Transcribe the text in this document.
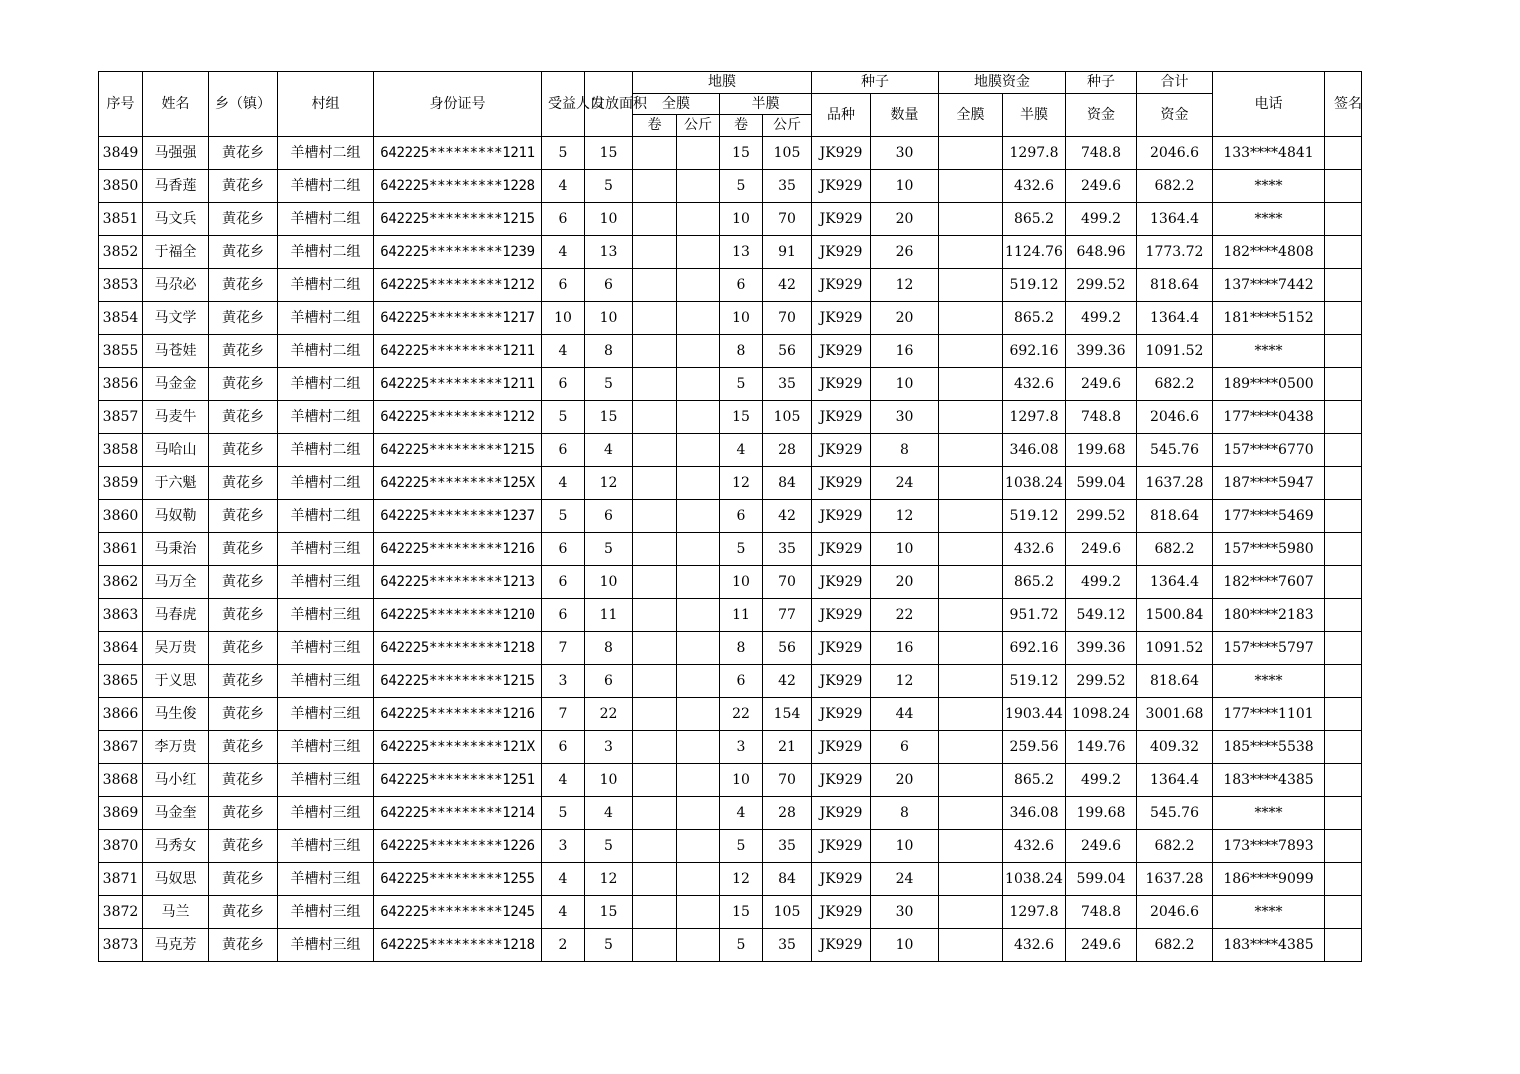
序号	姓名	乡（镇）	村组	身份证号	受益人口	发放面积	地膜				种子		地膜资金		种子	合计	电话	签名
							全膜		半膜		品种	数量	全膜	半膜	资金	资金		
							卷	公斤	卷	公斤								
3849	马强强	黄花乡	羊槽村二组	642225*********1211	5	15			15	105	JK929	30		1297.8	748.8	2046.6	133****4841	
3850	马香莲	黄花乡	羊槽村二组	642225*********1228	4	5			5	35	JK929	10		432.6	249.6	682.2	****	
3851	马文兵	黄花乡	羊槽村二组	642225*********1215	6	10			10	70	JK929	20		865.2	499.2	1364.4	****	
3852	于福全	黄花乡	羊槽村二组	642225*********1239	4	13			13	91	JK929	26		1124.76	648.96	1773.72	182****4808	
3853	马尕必	黄花乡	羊槽村二组	642225*********1212	6	6			6	42	JK929	12		519.12	299.52	818.64	137****7442	
3854	马文学	黄花乡	羊槽村二组	642225*********1217	10	10			10	70	JK929	20		865.2	499.2	1364.4	181****5152	
3855	马苍娃	黄花乡	羊槽村二组	642225*********1211	4	8			8	56	JK929	16		692.16	399.36	1091.52	****	
3856	马金金	黄花乡	羊槽村二组	642225*********1211	6	5			5	35	JK929	10		432.6	249.6	682.2	189****0500	
3857	马麦牛	黄花乡	羊槽村二组	642225*********1212	5	15			15	105	JK929	30		1297.8	748.8	2046.6	177****0438	
3858	马哈山	黄花乡	羊槽村二组	642225*********1215	6	4			4	28	JK929	8		346.08	199.68	545.76	157****6770	
3859	于六魁	黄花乡	羊槽村二组	642225*********125X	4	12			12	84	JK929	24		1038.24	599.04	1637.28	187****5947	
3860	马奴勒	黄花乡	羊槽村二组	642225*********1237	5	6			6	42	JK929	12		519.12	299.52	818.64	177****5469	
3861	马秉治	黄花乡	羊槽村三组	642225*********1216	6	5			5	35	JK929	10		432.6	249.6	682.2	157****5980	
3862	马万全	黄花乡	羊槽村三组	642225*********1213	6	10			10	70	JK929	20		865.2	499.2	1364.4	182****7607	
3863	马春虎	黄花乡	羊槽村三组	642225*********1210	6	11			11	77	JK929	22		951.72	549.12	1500.84	180****2183	
3864	吴万贵	黄花乡	羊槽村三组	642225*********1218	7	8			8	56	JK929	16		692.16	399.36	1091.52	157****5797	
3865	于义思	黄花乡	羊槽村三组	642225*********1215	3	6			6	42	JK929	12		519.12	299.52	818.64	****	
3866	马生俊	黄花乡	羊槽村三组	642225*********1216	7	22			22	154	JK929	44		1903.44	1098.24	3001.68	177****1101	
3867	李万贵	黄花乡	羊槽村三组	642225*********121X	6	3			3	21	JK929	6		259.56	149.76	409.32	185****5538	
3868	马小红	黄花乡	羊槽村三组	642225*********1251	4	10			10	70	JK929	20		865.2	499.2	1364.4	183****4385	
3869	马金奎	黄花乡	羊槽村三组	642225*********1214	5	4			4	28	JK929	8		346.08	199.68	545.76	****	
3870	马秀女	黄花乡	羊槽村三组	642225*********1226	3	5			5	35	JK929	10		432.6	249.6	682.2	173****7893	
3871	马奴思	黄花乡	羊槽村三组	642225*********1255	4	12			12	84	JK929	24		1038.24	599.04	1637.28	186****9099	
3872	马兰	黄花乡	羊槽村三组	642225*********1245	4	15			15	105	JK929	30		1297.8	748.8	2046.6	****	
3873	马克芳	黄花乡	羊槽村三组	642225*********1218	2	5			5	35	JK929	10		432.6	249.6	682.2	183****4385	
